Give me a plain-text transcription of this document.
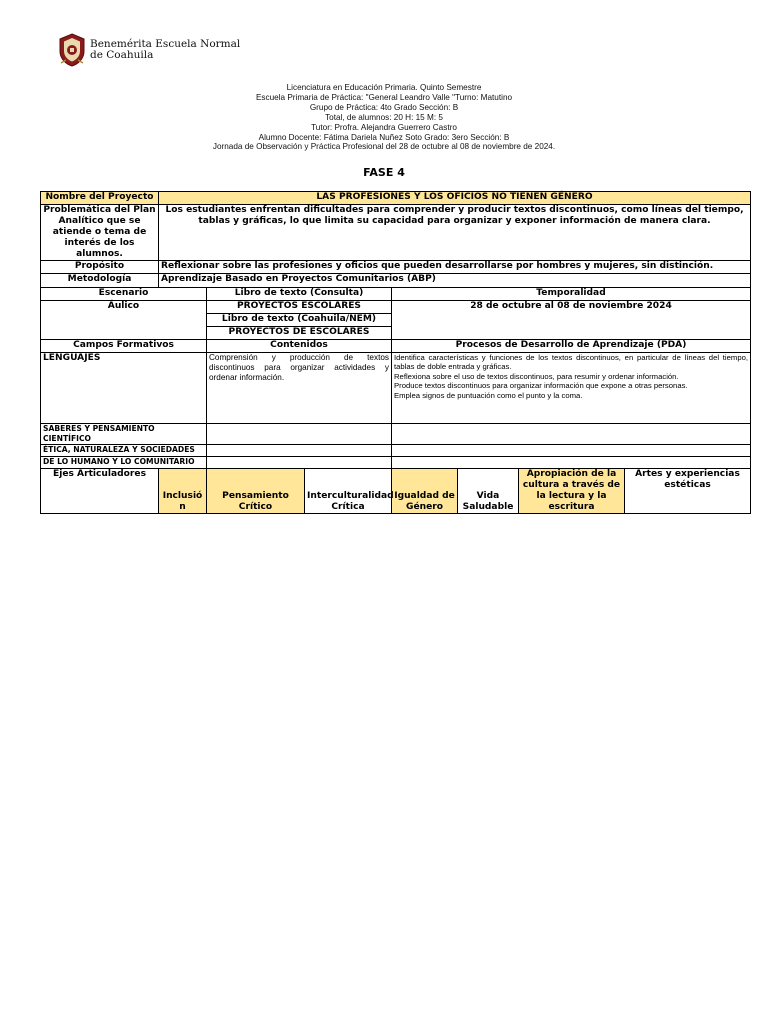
Benemérita Escuela Normal
de Coahuila
Licenciatura en Educación Primaria. Quinto Semestre
Escuela Primaria de Práctica: "General Leandro Valle "Turno: Matutino
Grupo de Práctica: 4to Grado Sección: B
Total, de alumnos: 20 H: 15 M: 5
Tutor: Profra. Alejandra Guerrero Castro
Alumno Docente: Fátima Dariela Nuñez Soto Grado: 3ero Sección: B
Jornada de Observación y Práctica Profesional del 28 de octubre al 08 de noviembre de 2024.
FASE 4
Nombre del Proyecto	LAS PROFESIONES Y LOS OFICIOS NO TIENEN GÉNERO						
Problemática del Plan Analítico que se atiende o tema de interés de los alumnos.	Los estudiantes enfrentan dificultades para comprender y producir textos discontinuos, como líneas del tiempo, tablas y gráficas, lo que limita su capacidad para organizar y exponer información de manera clara.						
Propósito	Reflexionar sobre las profesiones y oficios que pueden desarrollarse por hombres y mujeres, sin distinción.						
Metodología	Aprendizaje Basado en Proyectos Comunitarios (ABP)						
Escenario		Libro de texto (Consulta)		Temporalidad			
Áulico		PROYECTOS ESCOLARES		28 de octubre al 08 de noviembre 2024			
		Libro de texto (Coahuila/NEM)					
		PROYECTOS DE ESCOLARES					
Campos Formativos		Contenidos		Procesos de Desarrollo de Aprendizaje (PDA)			
LENGUAJES		Comprensión y producción de textos discontinuos para organizar actividades y ordenar información.		Identifica características y funciones de los textos discontinuos, en particular de líneas del tiempo, tablas de doble entrada y gráficas.
Reflexiona sobre el uso de textos discontinuos, para resumir y ordenar información.
Produce textos discontinuos para organizar información que expone a otras personas.
Emplea signos de puntuación como el punto y la coma.			

SABERES Y PENSAMIENTO CIENTÍFICO							
ÉTICA, NATURALEZA Y SOCIEDADES							
DE LO HUMANO Y LO COMUNITARIO							
Ejes Articuladores	Inclusión	Pensamiento Crítico	Interculturalidad Crítica	Igualdad de Género	Vida Saludable	Apropiación de la cultura a través de la lectura y la escritura	Artes y experiencias estéticas
